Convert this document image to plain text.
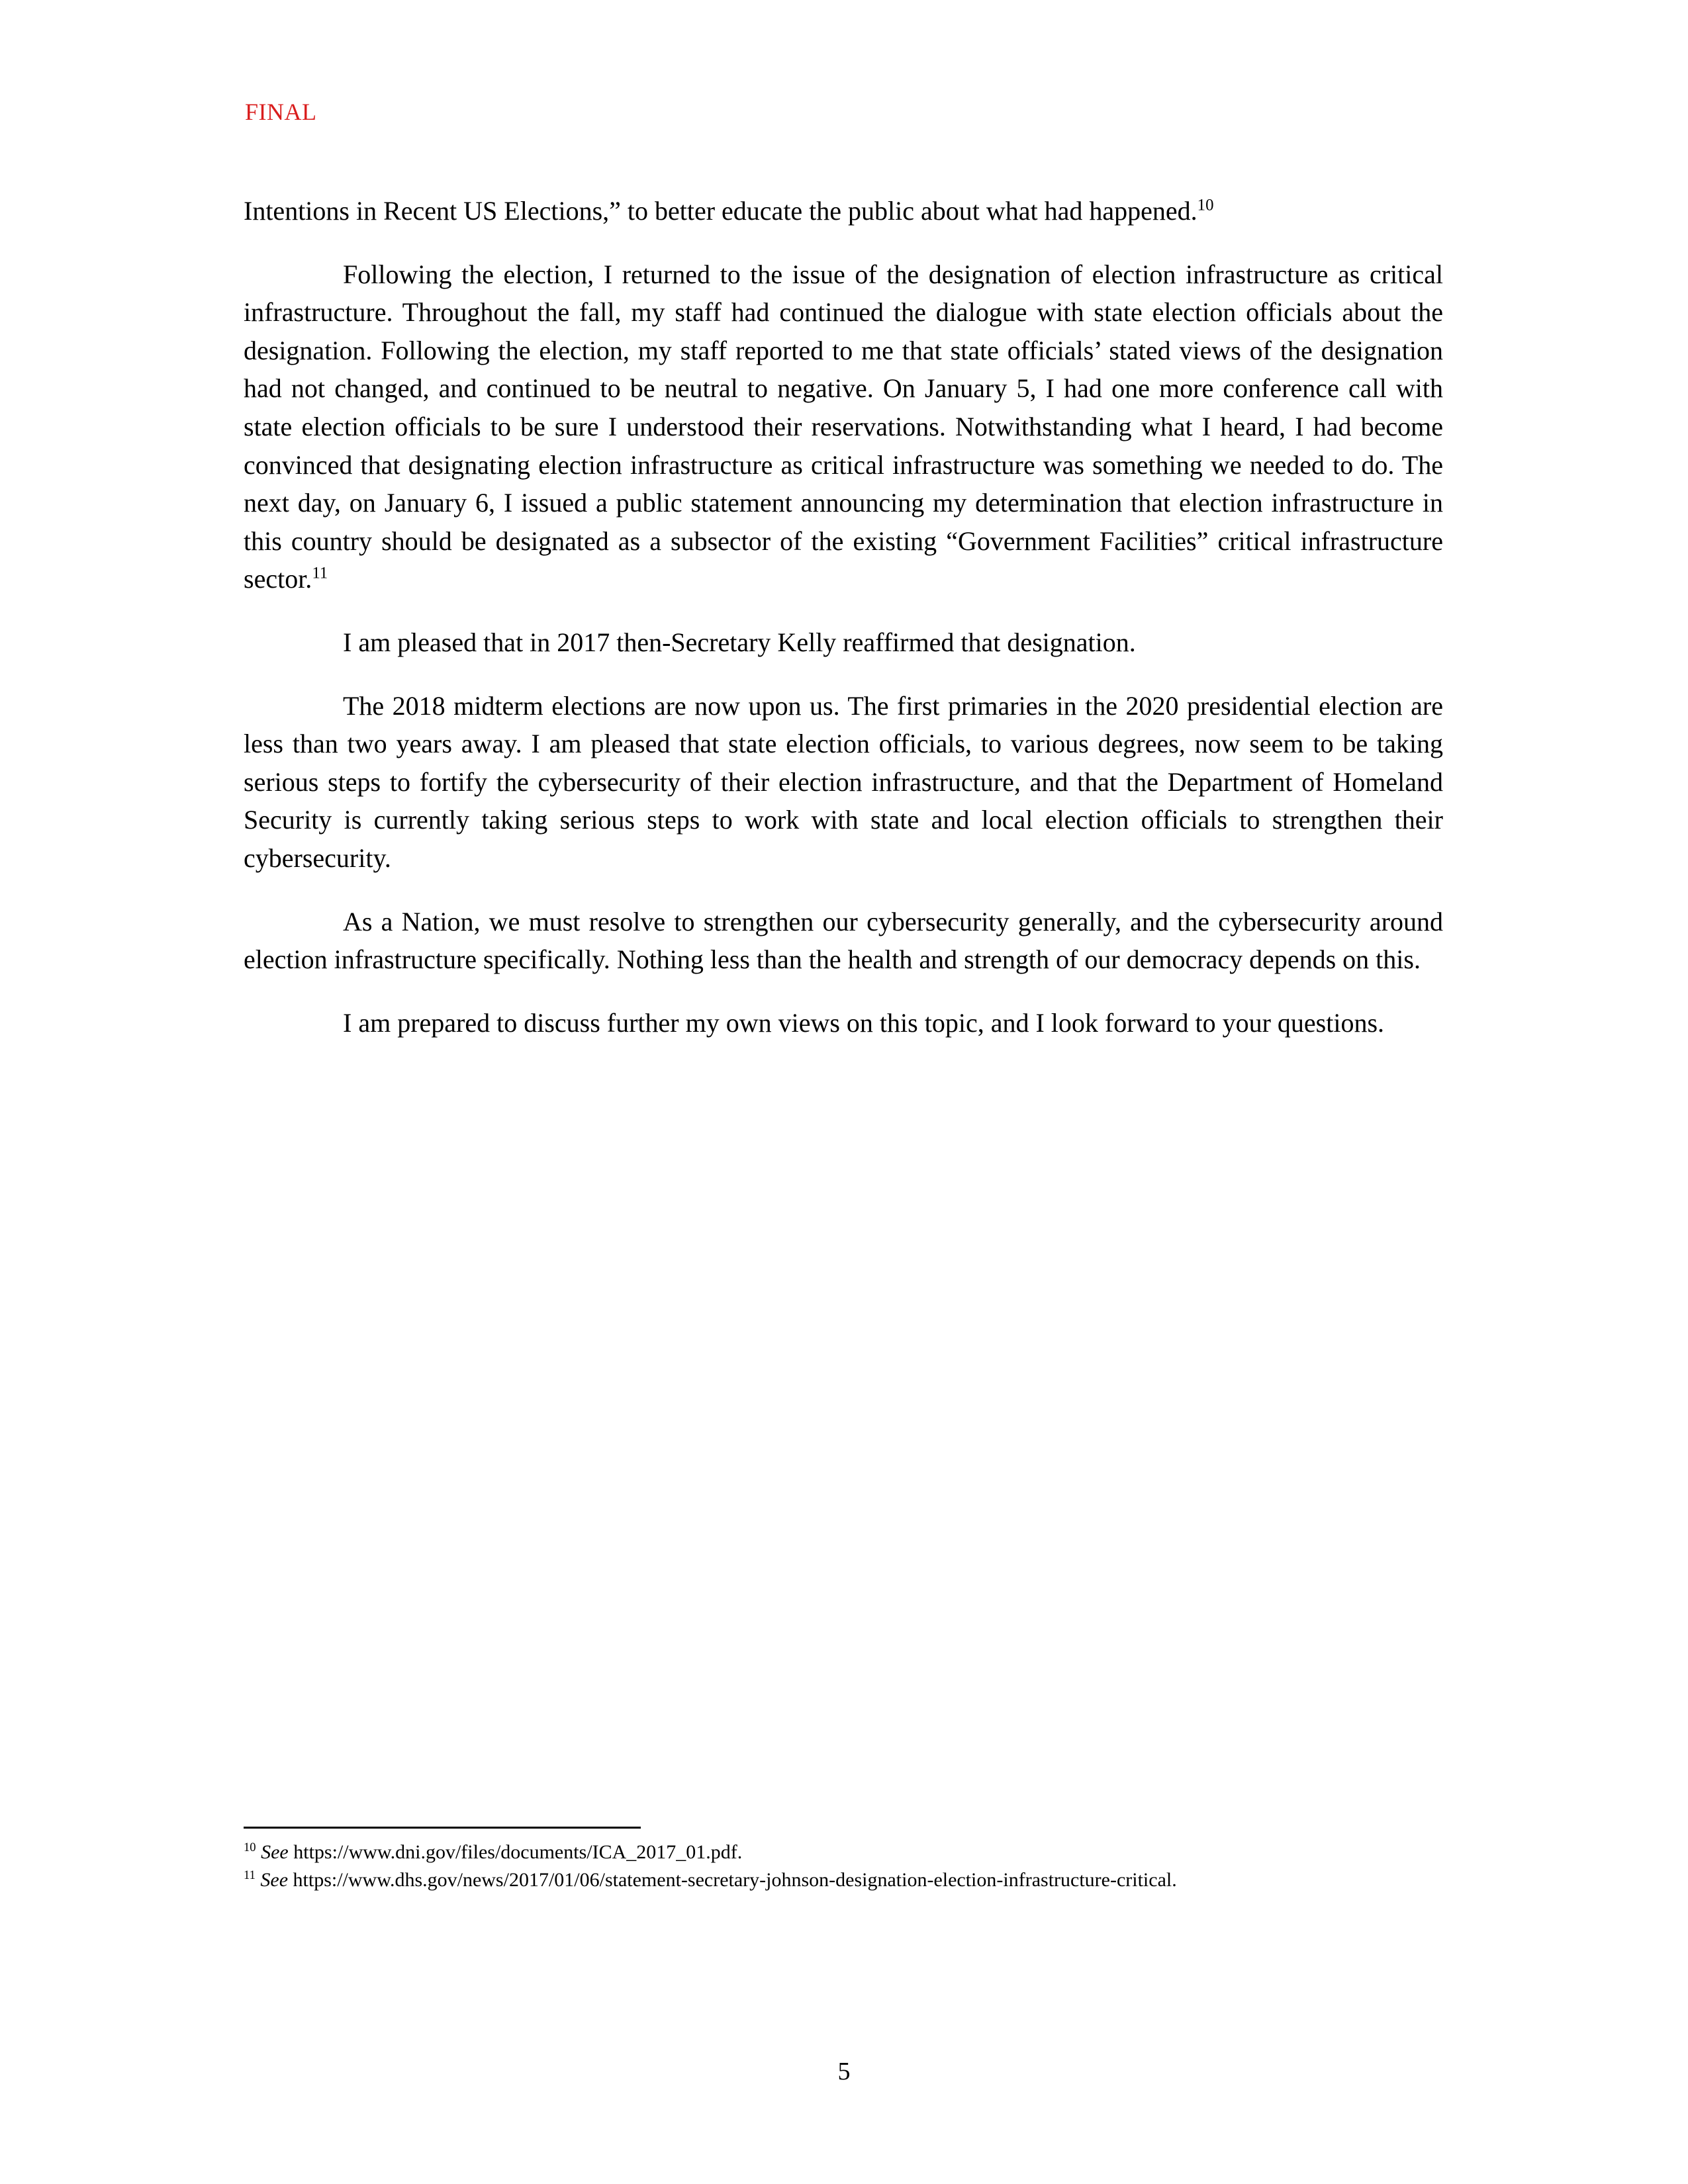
FINAL

Intentions in Recent US Elections,” to better educate the public about what had happened.$^{10}$

Following the election, I returned to the issue of the designation of election infrastructure as critical infrastructure. Throughout the fall, my staff had continued the dialogue with state election officials about the designation. Following the election, my staff reported to me that state officials’ stated views of the designation had not changed, and continued to be neutral to negative. On January 5, I had one more conference call with state election officials to be sure I understood their reservations. Notwithstanding what I heard, I had become convinced that designating election infrastructure as critical infrastructure was something we needed to do. The next day, on January 6, I issued a public statement announcing my determination that election infrastructure in this country should be designated as a subsector of the existing “Government Facilities” critical infrastructure sector.$^{11}$

I am pleased that in 2017 then-Secretary Kelly reaffirmed that designation.

The 2018 midterm elections are now upon us. The first primaries in the 2020 presidential election are less than two years away. I am pleased that state election officials, to various degrees, now seem to be taking serious steps to fortify the cybersecurity of their election infrastructure, and that the Department of Homeland Security is currently taking serious steps to work with state and local election officials to strengthen their cybersecurity.

As a Nation, we must resolve to strengthen our cybersecurity generally, and the cybersecurity around election infrastructure specifically. Nothing less than the health and strength of our democracy depends on this.

I am prepared to discuss further my own views on this topic, and I look forward to your questions.

$^{10}$ See https://www.dni.gov/files/documents/ICA_2017_01.pdf.

$^{11}$ See https://www.dhs.gov/news/2017/01/06/statement-secretary-johnson-designation-election-infrastructure-critical.

5
